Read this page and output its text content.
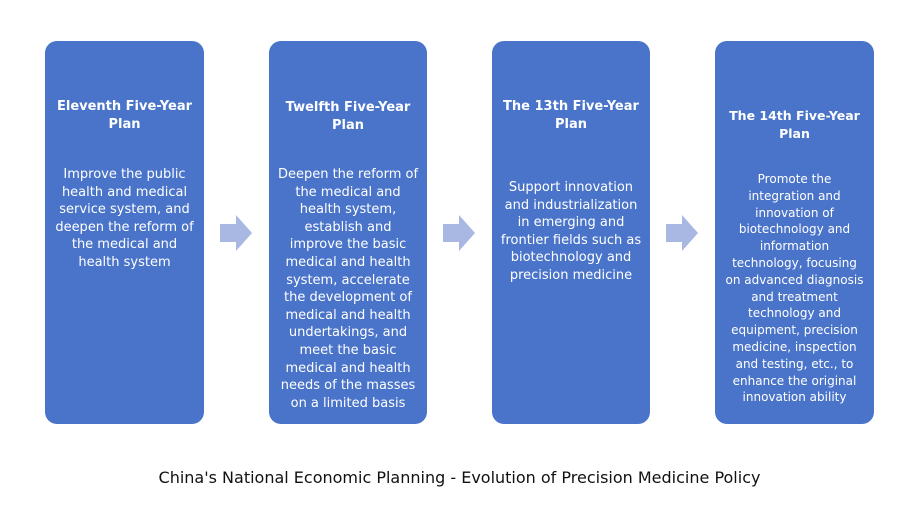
Eleventh Five-Year Plan
Improve the public health and medical service system, and deepen the reform of the medical and health system
Twelfth Five-Year Plan
Deepen the reform of the medical and health system, establish and improve the basic medical and health system, accelerate the development of medical and health undertakings, and meet the basic medical and health needs of the masses on a limited basis
The 13th Five-Year Plan
Support innovation and industrialization in emerging and frontier fields such as biotechnology and precision medicine
The 14th Five-Year Plan
Promote the integration and innovation of biotechnology and information technology, focusing on advanced diagnosis and treatment technology and equipment, precision medicine, inspection and testing, etc., to enhance the original innovation ability
China's National Economic Planning - Evolution of Precision Medicine Policy
